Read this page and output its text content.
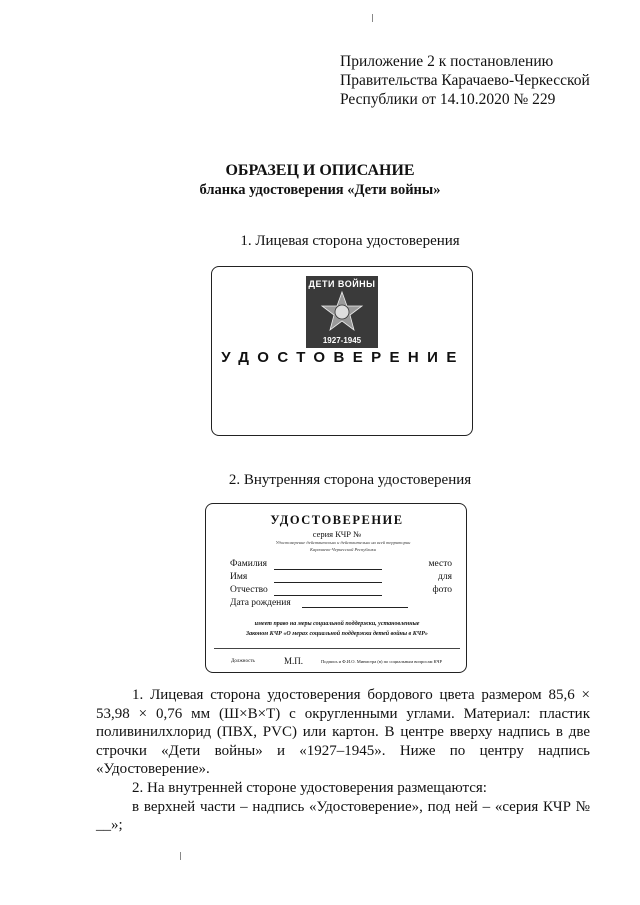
Приложение 2 к постановлению
Правительства Карачаево-Черкесской
Республики от 14.10.2020 № 229
ОБРАЗЕЦ И ОПИСАНИЕ
бланка удостоверения «Дети войны»
1. Лицевая сторона удостоверения
ДЕТИ ВОЙНЫ
1927-1945
УДОСТОВЕРЕНИЕ
2. Внутренняя сторона удостоверения
УДОСТОВЕРЕНИЕ
серия КЧР №
Удостоверение действительно и действительно на всей территории
Карачаево-Черкесской Республики
Фамилия
Имя
Отчество
Дата рождения
место
для
фото
имеет право на меры социальной поддержки, установленные
Законом КЧР «О мерах социальной поддержки детей войны в КЧР»
Должность	М.П.	Подпись и Ф.И.О. Министра (в) по социальным вопросам КЧР

1. Лицевая сторона удостоверения бордового цвета размером 85,6 × 53,98 × 0,76 мм (Ш×В×Т) с округленными углами. Материал: пластик поливинилхлорид (ПВХ, PVC) или картон. В центре вверху надпись в две строчки «Дети войны» и «1927–1945». Ниже по центру надпись «Удостоверение».

2. На внутренней стороне удостоверения размещаются:

в верхней части – надпись «Удостоверение», под ней – «серия КЧР № __»;
